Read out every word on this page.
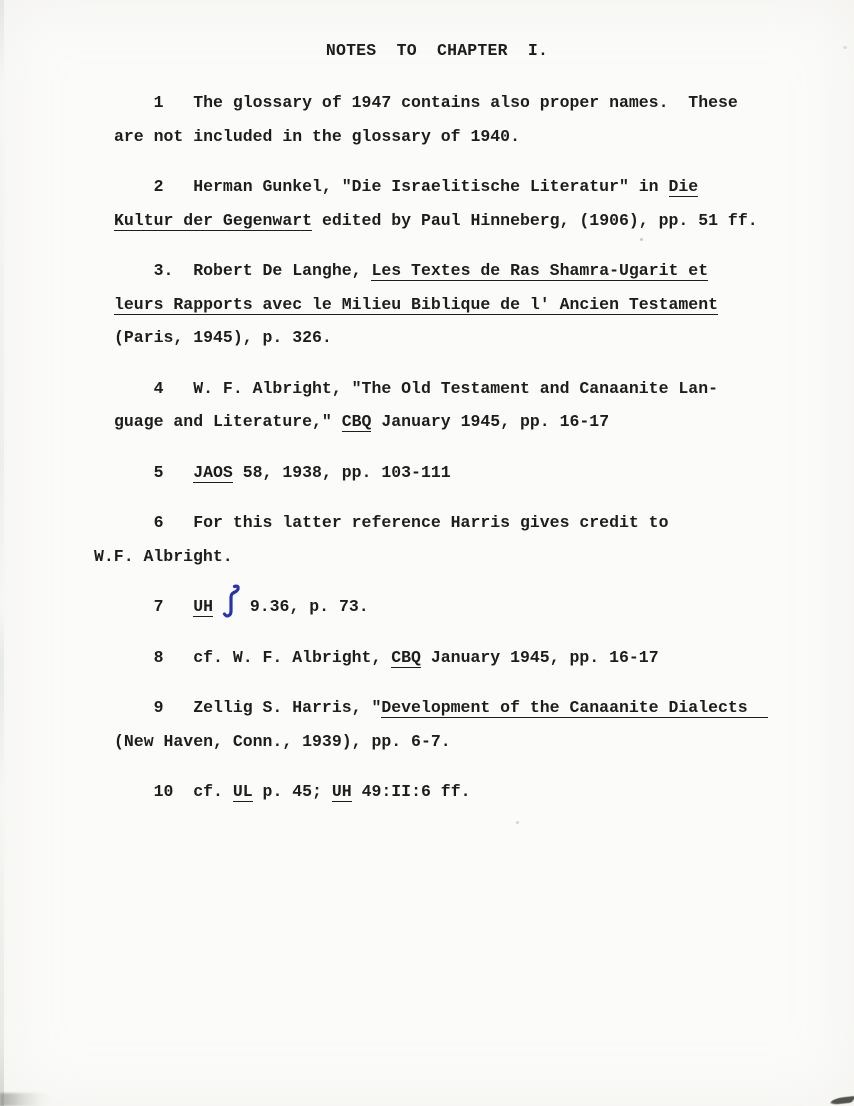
NOTES  TO  CHAPTER  I.
1   The glossary of 1947 contains also proper names.  These
are not included in the glossary of 1940.
2   Herman Gunkel, "Die Israelitische Literatur" in Die
Kultur der Gegenwart edited by Paul Hinneberg, (1906), pp. 51 ff.
3.  Robert De Langhe, Les Textes de Ras Shamra-Ugarit et
leurs Rapports avec le Milieu Biblique de l' Ancien Testament
(Paris, 1945), p. 326.
4   W. F. Albright, "The Old Testament and Canaanite Lan-
guage and Literature," CBQ January 1945, pp. 16-17
5   JAOS 58, 1938, pp. 103-111
6   For this latter reference Harris gives credit to
W.F. Albright.
7   UH
9.36, p. 73.
8   cf. W. F. Albright, CBQ January 1945, pp. 16-17
9   Zellig S. Harris, "Development of the Canaanite Dialects
(New Haven, Conn., 1939), pp. 6-7.
10  cf. UL p. 45; UH 49:II:6 ff.
